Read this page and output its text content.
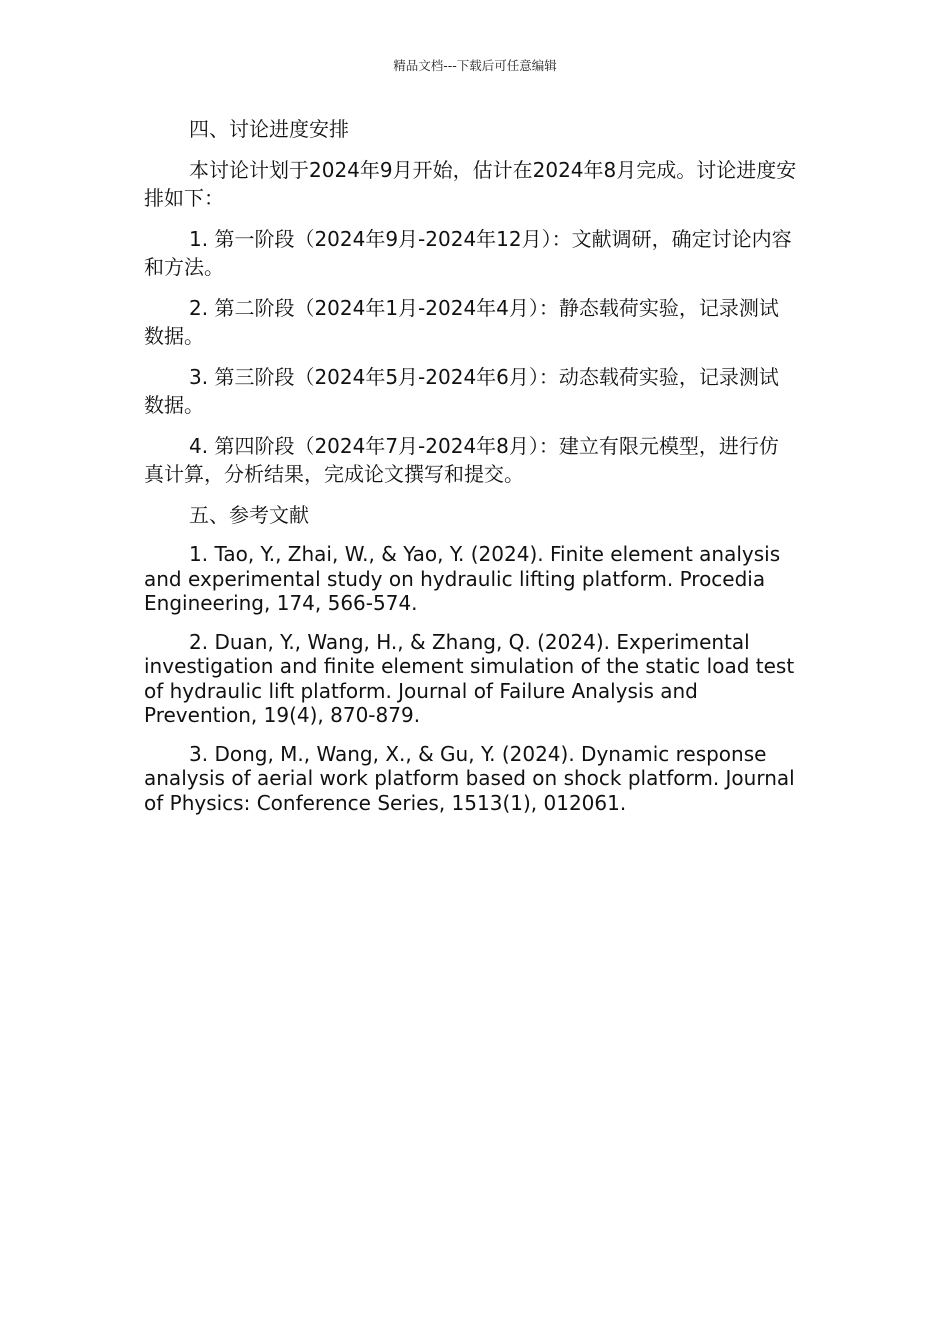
精品文档---下载后可任意编辑

四、讨论进度安排

本讨论计划于2024年9月开始，估计在2024年8月完成。讨论进度安排如下：

1. 第一阶段（2024年9月-2024年12月）：文献调研，确定讨论内容和方法。

2. 第二阶段（2024年1月-2024年4月）：静态载荷实验，记录测试数据。

3. 第三阶段（2024年5月-2024年6月）：动态载荷实验，记录测试数据。

4. 第四阶段（2024年7月-2024年8月）：建立有限元模型，进行仿真计算，分析结果，完成论文撰写和提交。

五、参考文献

1. Tao, Y., Zhai, W., & Yao, Y. (2024). Finite element analysis and experimental study on hydraulic lifting platform. Procedia Engineering, 174, 566-574.

2. Duan, Y., Wang, H., & Zhang, Q. (2024). Experimental investigation and finite element simulation of the static load test of hydraulic lift platform. Journal of Failure Analysis and Prevention, 19(4), 870-879.

3. Dong, M., Wang, X., & Gu, Y. (2024). Dynamic response analysis of aerial work platform based on shock platform. Journal of Physics: Conference Series, 1513(1), 012061.
